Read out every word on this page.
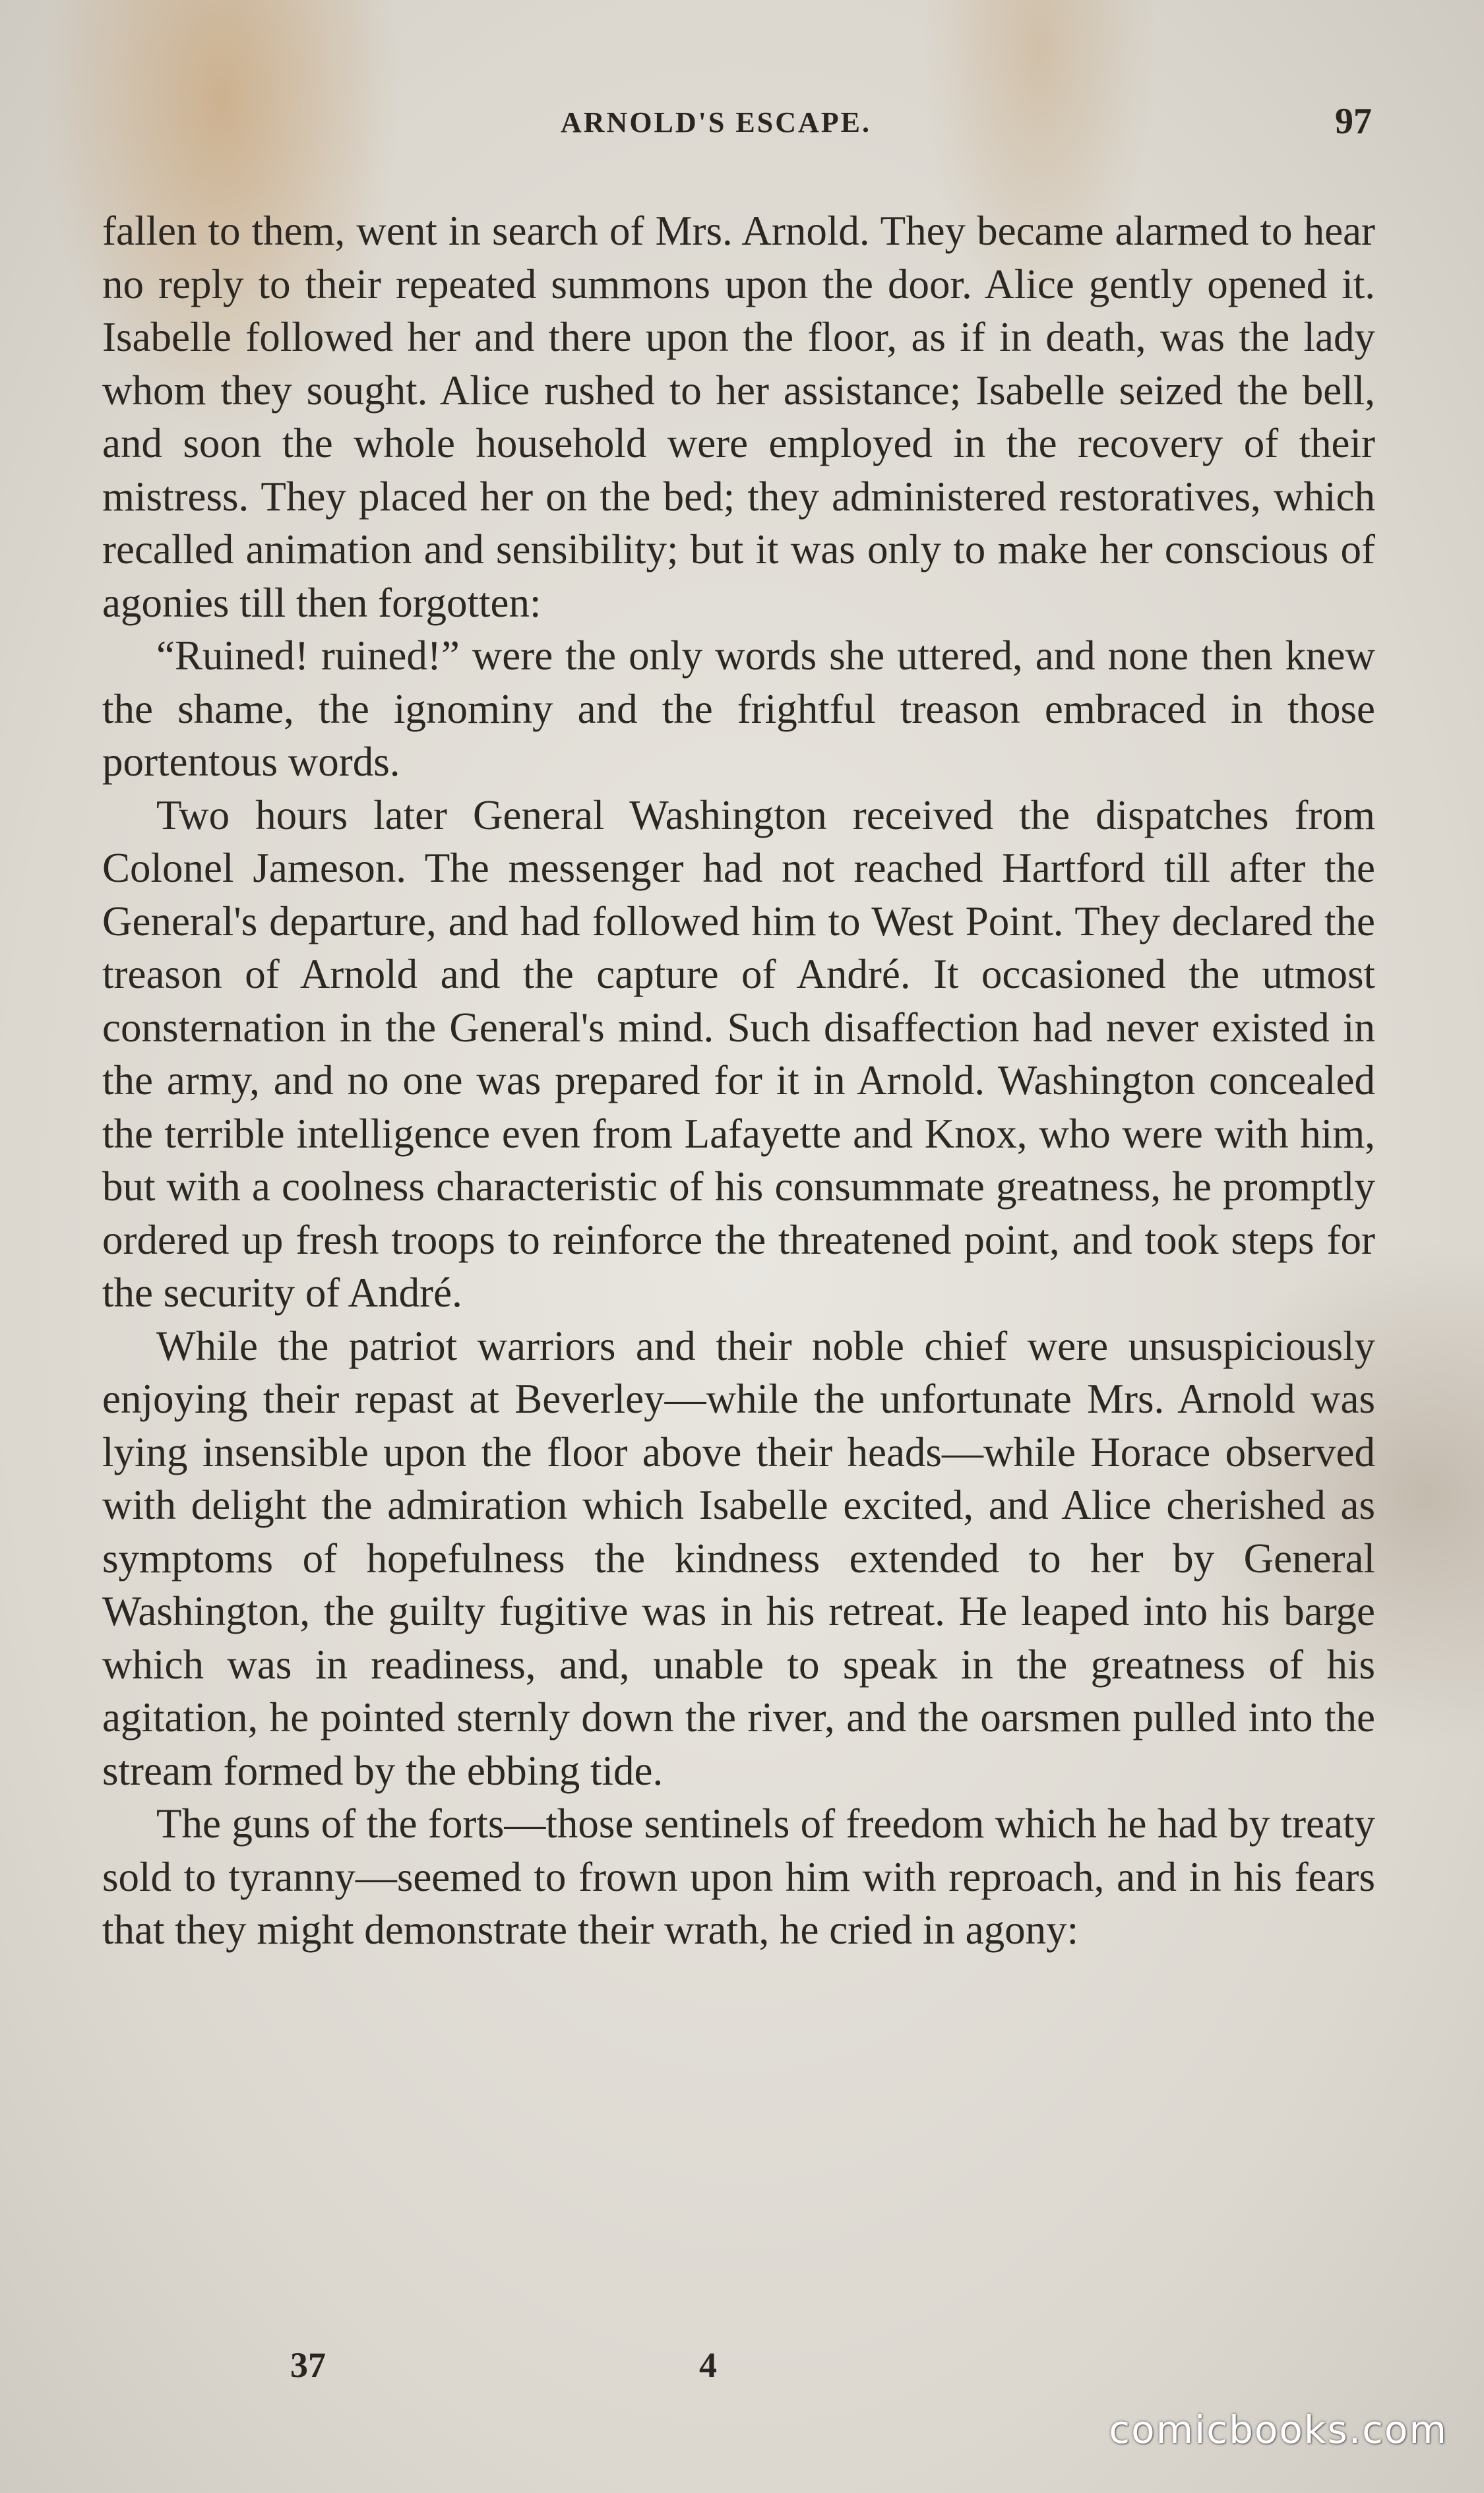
ARNOLD'S ESCAPE.	97

fallen to them, went in search of Mrs. Arnold. They became alarmed to hear no reply to their repeated summons upon the door. Alice gently opened it. Isabelle followed her and there upon the floor, as if in death, was the lady whom they sought. Alice rushed to her assistance; Isabelle seized the bell, and soon the whole household were employed in the recovery of their mistress. They placed her on the bed; they administered restoratives, which recalled animation and sensibility; but it was only to make her conscious of agonies till then forgotten:

“Ruined! ruined!” were the only words she uttered, and none then knew the shame, the ignominy and the frightful treason embraced in those portentous words.

Two hours later General Washington received the dispatches from Colonel Jameson. The messenger had not reached Hartford till after the General's departure, and had followed him to West Point. They declared the treason of Arnold and the capture of André. It occasioned the utmost consternation in the General's mind. Such disaffection had never existed in the army, and no one was prepared for it in Arnold. Washington concealed the terrible intelligence even from Lafayette and Knox, who were with him, but with a coolness characteristic of his consummate greatness, he promptly ordered up fresh troops to reinforce the threatened point, and took steps for the security of André.

While the patriot warriors and their noble chief were unsuspiciously enjoying their repast at Beverley—while the unfortunate Mrs. Arnold was lying insensible upon the floor above their heads—while Horace observed with delight the admiration which Isabelle excited, and Alice cherished as symptoms of hopefulness the kindness extended to her by General Washington, the guilty fugitive was in his retreat. He leaped into his barge which was in readiness, and, unable to speak in the greatness of his agitation, he pointed sternly down the river, and the oarsmen pulled into the stream formed by the ebbing tide.

The guns of the forts—those sentinels of freedom which he had by treaty sold to tyranny—seemed to frown upon him with reproach, and in his fears that they might demonstrate their wrath, he cried in agony:

37	4
comicbooks.com
